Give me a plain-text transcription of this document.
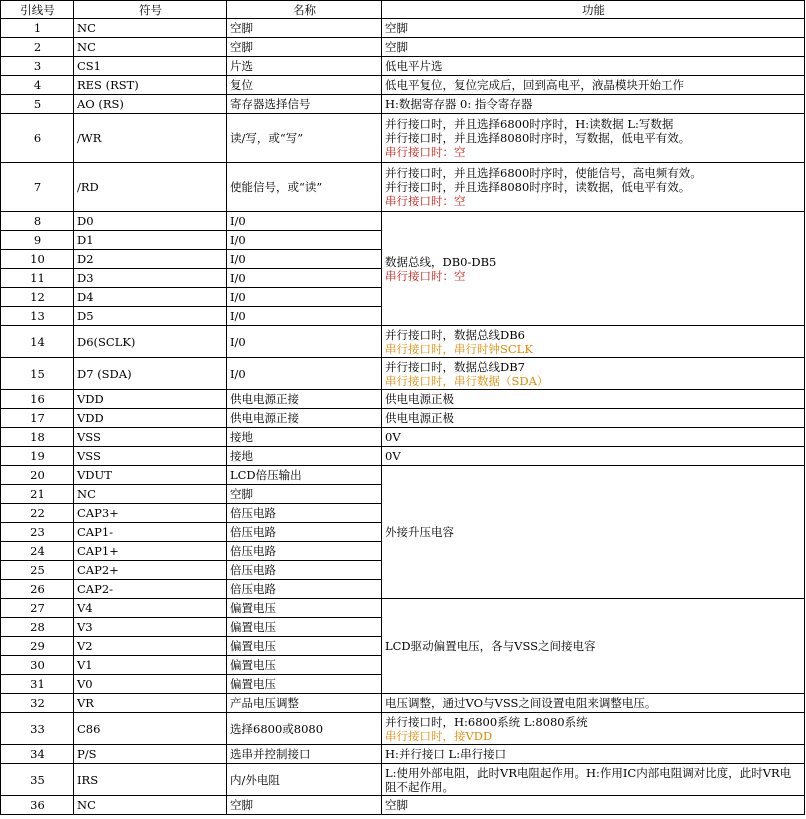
引线号	符号	名称	功能
1	NC	空脚	空脚

2	NC	空脚	空脚

3	CS1	片选	低电平片选

4	RES (RST)	复位	低电平复位，复位完成后，回到高电平，液晶模块开始工作

5	AO (RS)	寄存器选择信号	H:数据寄存器 0: 指令寄存器

6	/WR	读/写，或“写”	并行接口时，并且选择6800时序时，H:读数据 L:写数据
并行接口时，并且选择8080时序时，写数据，低电平有效。
串行接口时：空

7	/RD	使能信号，或“读”	并行接口时，并且选择6800时序时，使能信号，高电频有效。
并行接口时，并且选择8080时序时，读数据，低电平有效。
串行接口时：空

8	D0	I/0	数据总线，DB0-DB5
串行接口时：空

9	D1	I/0	
10	D2	I/0	
11	D3	I/0	
12	D4	I/0	
13	D5	I/0	
14	D6(SCLK)	I/0	并行接口时，数据总线DB6
串行接口时，串行时钟SCLK

15	D7 (SDA)	I/0	并行接口时，数据总线DB7
串行接口时，串行数据（SDA）

16	VDD	供电电源正接	供电电源正极

17	VDD	供电电源正接	供电电源正极

18	VSS	接地	0V

19	VSS	接地	0V

20	VDUT	LCD倍压输出	外接升压电容

21	NC	空脚	
22	CAP3+	倍压电路	
23	CAP1-	倍压电路	
24	CAP1+	倍压电路	
25	CAP2+	倍压电路	
26	CAP2-	倍压电路	
27	V4	偏置电压	LCD驱动偏置电压，各与VSS之间接电容

28	V3	偏置电压	
29	V2	偏置电压	
30	V1	偏置电压	
31	V0	偏置电压	
32	VR	产品电压调整	电压调整，通过VO与VSS之间设置电阻来调整电压。

33	C86	选择6800或8080	并行接口时，H:6800系统 L:8080系统
串行接口时，接VDD

34	P/S	选串并控制接口	H:并行接口 L:串行接口

35	IRS	内/外电阻	L:使用外部电阻，此时VR电阻起作用。H:作用IC内部电阻调对比度，此时VR电阻不起作用。

36	NC	空脚	空脚
